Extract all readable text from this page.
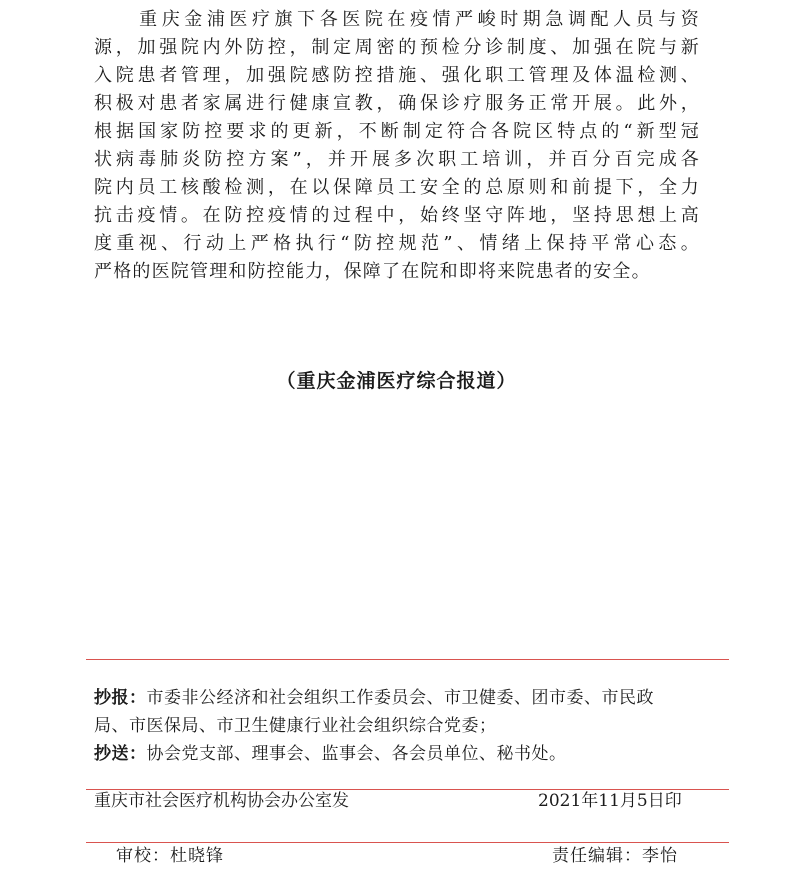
　　重庆金浦医疗旗下各医院在疫情严峻时期急调配人员与资
源，加强院内外防控，制定周密的预检分诊制度、加强在院与新
入院患者管理，加强院感防控措施、强化职工管理及体温检测、
积极对患者家属进行健康宣教，确保诊疗服务正常开展。此外，
根据国家防控要求的更新，不断制定符合各院区特点的“新型冠
状病毒肺炎防控方案”，并开展多次职工培训，并百分百完成各
院内员工核酸检测，在以保障员工安全的总原则和前提下，全力
抗击疫情。在防控疫情的过程中，始终坚守阵地，坚持思想上高
度重视、行动上严格执行“防控规范”、情绪上保持平常心态。
严格的医院管理和防控能力，保障了在院和即将来院患者的安全。
（重庆金浦医疗综合报道）
抄报：市委非公经济和社会组织工作委员会、市卫健委、团市委、市民政
局、市医保局、市卫生健康行业社会组织综合党委；
抄送：协会党支部、理事会、监事会、各会员单位、秘书处。
重庆市社会医疗机构协会办公室发	2021年11月5日印
审校：杜晓锋	责任编辑：李怡
